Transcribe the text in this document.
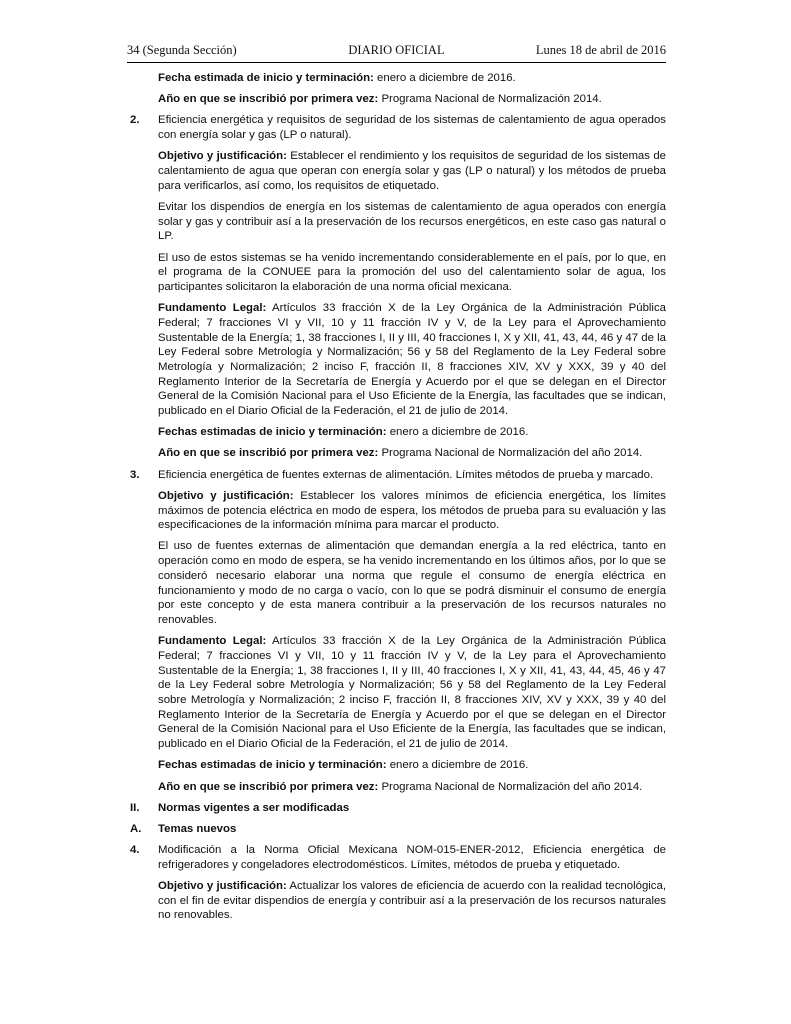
34
(Segunda Sección)	DIARIO OFICIAL	Lunes 18 de abril de 2016

Fecha estimada de inicio y terminación: enero a diciembre de 2016.

Año en que se inscribió por primera vez: Programa Nacional de Normalización 2014.

2. Eficiencia energética y requisitos de seguridad de los sistemas de calentamiento de agua operados con energía solar y gas (LP o natural).

Objetivo y justificación: Establecer el rendimiento y los requisitos de seguridad de los sistemas de calentamiento de agua que operan con energía solar y gas (LP o natural) y los métodos de prueba para verificarlos, así como, los requisitos de etiquetado.

Evitar los dispendios de energía en los sistemas de calentamiento de agua operados con energía solar y gas y contribuir así a la preservación de los recursos energéticos, en este caso gas natural o LP.

El uso de estos sistemas se ha venido incrementando considerablemente en el país, por lo que, en el programa de la CONUEE para la promoción del uso del calentamiento solar de agua, los participantes solicitaron la elaboración de una norma oficial mexicana.

Fundamento Legal: Artículos 33 fracción X de la Ley Orgánica de la Administración Pública Federal; 7 fracciones VI y VII, 10 y 11 fracción IV y V, de la Ley para el Aprovechamiento Sustentable de la Energía; 1, 38 fracciones I, II y III, 40 fracciones I, X y XII, 41, 43, 44, 46 y 47 de la Ley Federal sobre Metrología y Normalización; 56 y 58 del Reglamento de la Ley Federal sobre Metrología y Normalización; 2 inciso F, fracción II, 8 fracciones XIV, XV y XXX, 39 y 40 del Reglamento Interior de la Secretaría de Energía y Acuerdo por el que se delegan en el Director General de la Comisión Nacional para el Uso Eficiente de la Energía, las facultades que se indican, publicado en el Diario Oficial de la Federación, el 21 de julio de 2014.

Fechas estimadas de inicio y terminación: enero a diciembre de 2016.

Año en que se inscribió por primera vez: Programa Nacional de Normalización del año 2014.

3. Eficiencia energética de fuentes externas de alimentación. Límites métodos de prueba y marcado.

Objetivo y justificación: Establecer los valores mínimos de eficiencia energética, los límites máximos de potencia eléctrica en modo de espera, los métodos de prueba para su evaluación y las especificaciones de la información mínima para marcar el producto.

El uso de fuentes externas de alimentación que demandan energía a la red eléctrica, tanto en operación como en modo de espera, se ha venido incrementando en los últimos años, por lo que se consideró necesario elaborar una norma que regule el consumo de energía eléctrica en funcionamiento y modo de no carga o vacío, con lo que se podrá disminuir el consumo de energía por este concepto y de esta manera contribuir a la preservación de los recursos naturales no renovables.

Fundamento Legal: Artículos 33 fracción X de la Ley Orgánica de la Administración Pública Federal; 7 fracciones VI y VII, 10 y 11 fracción IV y V, de la Ley para el Aprovechamiento Sustentable de la Energía; 1, 38 fracciones I, II y III, 40 fracciones I, X y XII, 41, 43, 44, 45, 46 y 47 de la Ley Federal sobre Metrología y Normalización; 56 y 58 del Reglamento de la Ley Federal sobre Metrología y Normalización; 2 inciso F, fracción II, 8 fracciones XIV, XV y XXX, 39 y 40 del Reglamento Interior de la Secretaría de Energía y Acuerdo por el que se delegan en el Director General de la Comisión Nacional para el Uso Eficiente de la Energía, las facultades que se indican, publicado en el Diario Oficial de la Federación, el 21 de julio de 2014.

Fechas estimadas de inicio y terminación: enero a diciembre de 2016.

Año en que se inscribió por primera vez: Programa Nacional de Normalización del año 2014.

II. Normas vigentes a ser modificadas

A. Temas nuevos

4. Modificación a la Norma Oficial Mexicana NOM-015-ENER-2012, Eficiencia energética de refrigeradores y congeladores electrodomésticos. Límites, métodos de prueba y etiquetado.

Objetivo y justificación: Actualizar los valores de eficiencia de acuerdo con la realidad tecnológica, con el fin de evitar dispendios de energía y contribuir así a la preservación de los recursos naturales no renovables.
